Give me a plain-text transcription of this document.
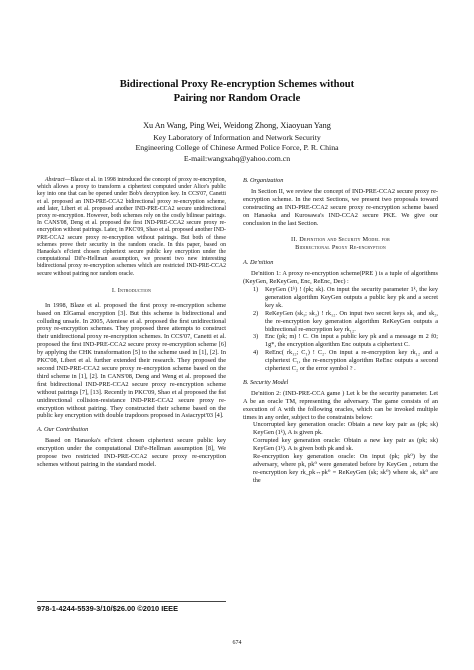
Bidirectional Proxy Re-encryption Schemes without
Pairing nor Random Oracle
Xu An Wang, Ping Wei, Weidong Zhong, Xiaoyuan Yang
Key Laboratory of Information and Network Security
Engineering College of Chinese Armed Police Force, P. R. China
E-mail:wangxahq@yahoo.com.cn

Abstract—Blaze et al. in 1998 introduced the concept of proxy re-encryption, which allows a proxy to transform a ciphertext computed under Alice's public key into one that can be opened under Bob's decryption key. In CCS'07, Canetti et al. proposed an IND-PRE-CCA2 bidirectional proxy re-encryption scheme, and later, Libert et al. proposed another IND-PRE-CCA2 secure unidirectional proxy re-encryption. However, both schemes rely on the costly bilinear pairings. In CANS'08, Deng et al. proposed the ﬁrst IND-PRE-CCA2 secure proxy re-encryption without pairings. Later, in PKC'09, Shao et al. proposed another IND-PRE-CCA2 secure proxy re-encryption without pairings. But both of these schemes prove their security in the random oracle. In this paper, based on Hanaoka's ef'cient chosen ciphertext secure public key encryption under the computational Dif'e-Hellman assumption, we present two new interesting bidirectional proxy re-encryption schemes which are restricted IND-PRE-CCA2 secure without pairing nor random oracle.

I. Introduction

In 1998, Blaze et al. proposed the ﬁrst proxy re-encryption scheme based on ElGamal encryption [3]. But this scheme is bidirectional and colluding unsafe. In 2005, Ateniese et al. proposed the ﬁrst unidirectional proxy re-encryption schemes. They proposed three attempts to construct their unidirectional proxy re-encryption schemes. In CCS'07, Canetti et al. proposed the ﬁrst IND-PRE-CCA2 secure proxy re-encryption scheme [6] by applying the CHK transformation [5] to the scheme used in [1], [2]. In PKC'08, Libert et al. further extended their research. They proposed the second IND-PRE-CCA2 secure proxy re-encryption scheme based on the third scheme in [1], [2]. In CANS'08, Deng and Weng et al. proposed the ﬁrst bidirectional IND-PRE-CCA2 secure proxy re-encryption scheme without pairings [7], [13]. Recently in PKC'09, Shao et al proposed the ﬁst unidirectional collision-resistance IND-PRE-CCA2 secure proxy re-encryption without pairing. They constructed their scheme based on the public key encryption with double trapdoors proposed in Asiacrypt'03 [4].

A. Our Contribution

Based on Hanaoka's ef'cient chosen ciphertext secure public key encryption under the computational Dif'e-Hellman assumption [8], We propose two restricted IND-PRE-CCA2 secure proxy re-encryption schemes without pairing in the standard model.

B. Organization

In Section II, we review the concept of IND-PRE-CCA2 secure proxy re-encryption scheme. In the next Sections, we present two proposals toward constructing an IND-PRE-CCA2 secure proxy re-encryption scheme based on Hanaoka and Kurosawa's IND-CCA2 secure PKE. We give our conclusion in the last Section.

II. Definition and Security Model for
Bidirectional Proxy Re-encryption
A. De'nition

De'nition 1: A proxy re-encryption scheme(PRE ) is a tuple of algorithms (KeyGen, ReKeyGen, Enc, ReEnc, Dec) :

1)	KeyGen (1ᵏ) ! (pk; sk). On input the security parameter 1ᵏ, the key generation algorithm KeyGen outputs a public key pk and a secret key sk.
2)	ReKeyGen (sk₁; sk₂) ! rk₁₂. On input two secret keys sk₁ and sk₂, the re-encryption key generation algorithm ReKeyGen outputs a bidirectional re-encryption key rk₁₂.
3)	Enc (pk; m) ! C. On input a public key pk and a message m 2 f0; 1g*, the encryption algorithm Enc outputs a ciphertext C.
4)	ReEnc( rk₁₂; C₁) ! C₂. On input a re-encryption key rk₁₂ and a ciphertext C₁, the re-encryption algorithm ReEnc outputs a second ciphertext C₂ or the error symbol ? .
B. Security Model

De'nition 2: (IND-PRE-CCA game ) Let k be the security parameter. Let A be an oracle TM, representing the adversary. The game consists of an execution of A with the following oracles, which can be invoked multiple times in any order, subject to the constraints below:

Uncorrupted key generation oracle: Obtain a new key pair as (pk; sk) KeyGen (1ᵏ), A is given pk.

Corrupted key generation oracle: Obtain a new key pair as (pk; sk) KeyGen (1ᵏ). A is given both pk and sk.

Re-encryption key generation oracle: On input (pk; pk⁰) by the adversary, where pk, pk⁰ were generated before by KeyGen , return the re-encryption key rk_pk↔pk⁰ = ReKeyGen (sk; sk⁰) where sk, sk⁰ are the

978-1-4244-5539-3/10/$26.00 ©2010 IEEE
674
